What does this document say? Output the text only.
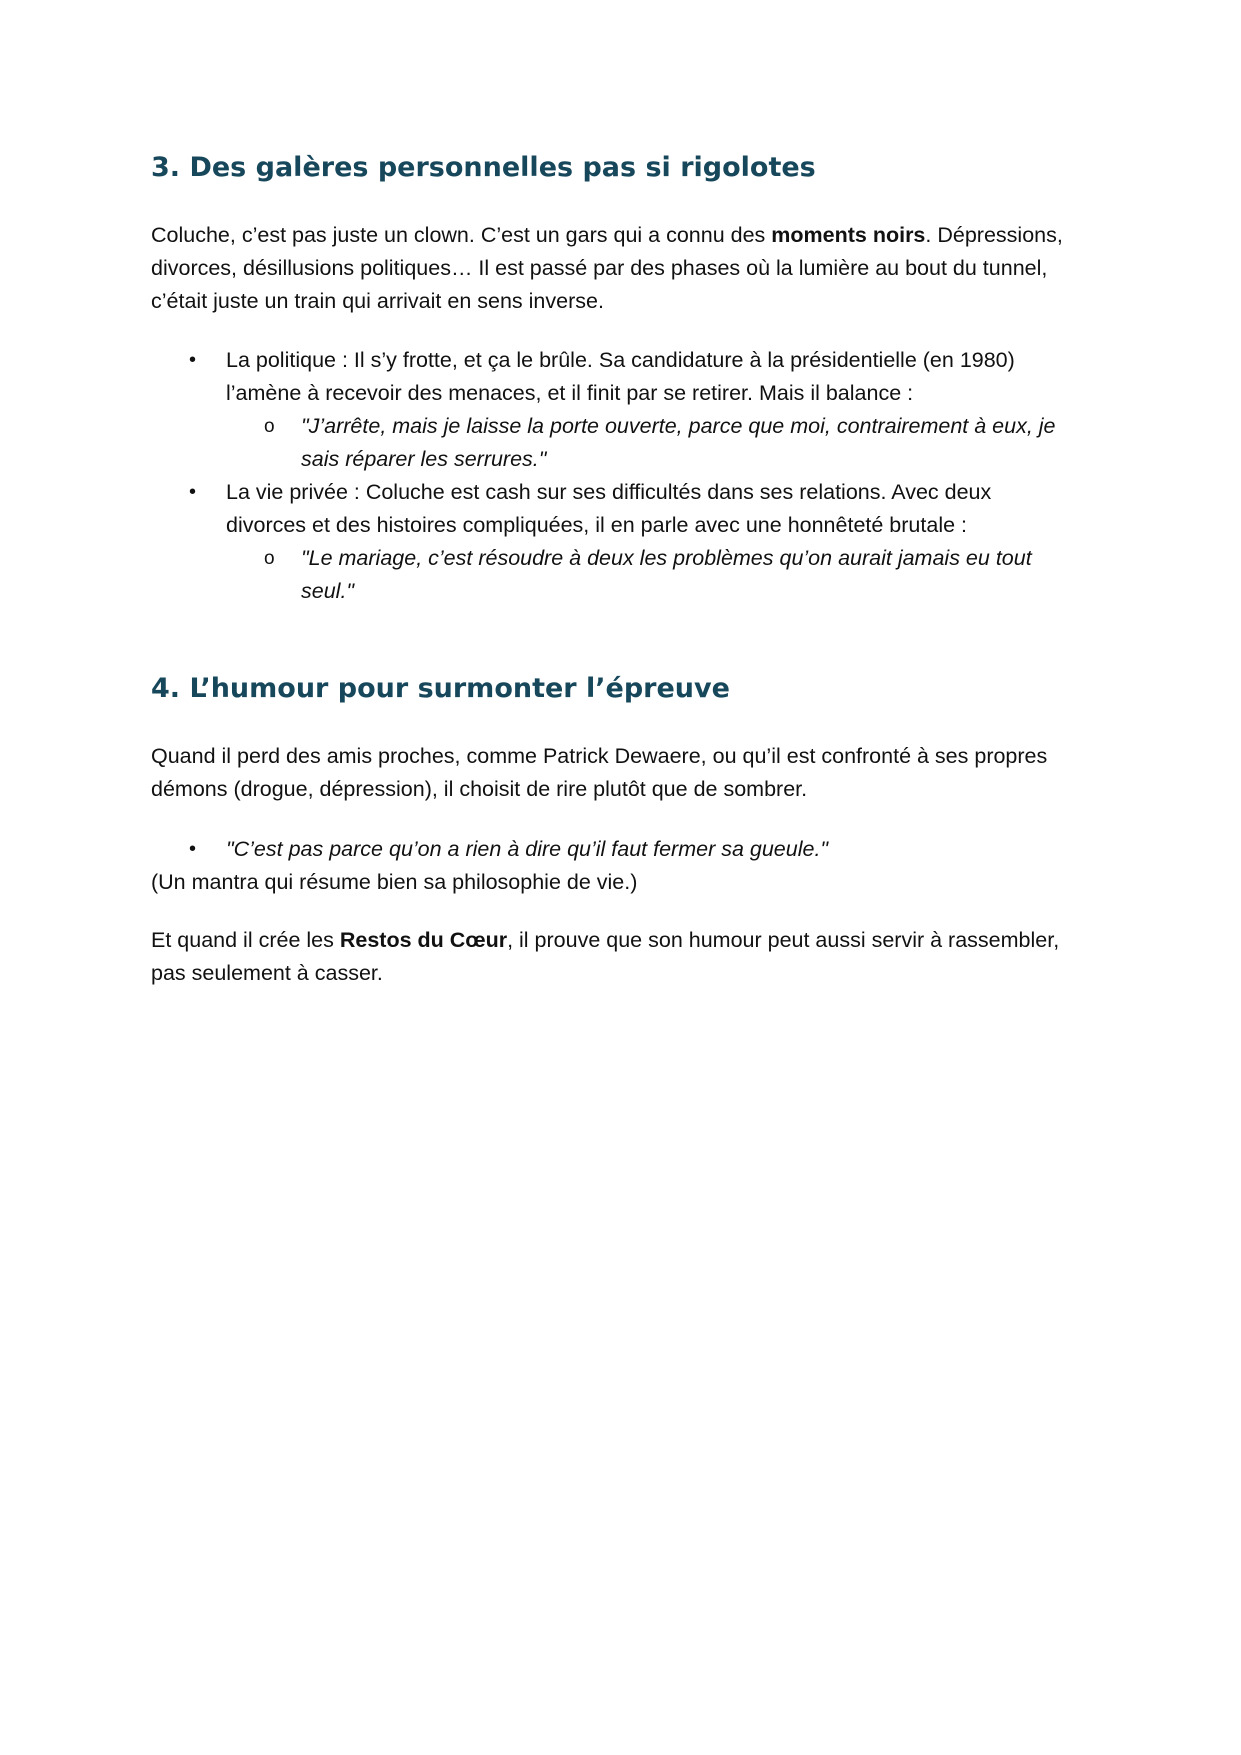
3. Des galères personnelles pas si rigolotes
Coluche, c’est pas juste un clown. C’est un gars qui a connu des moments noirs. Dépressions,
divorces, désillusions politiques… Il est passé par des phases où la lumière au bout du tunnel,
c’était juste un train qui arrivait en sens inverse.
• La politique : Il s’y frotte, et ça le brûle. Sa candidature à la présidentielle (en 1980)
l’amène à recevoir des menaces, et il finit par se retirer. Mais il balance :
o "J’arrête, mais je laisse la porte ouverte, parce que moi, contrairement à eux, je
sais réparer les serrures."
• La vie privée : Coluche est cash sur ses difficultés dans ses relations. Avec deux
divorces et des histoires compliquées, il en parle avec une honnêteté brutale :
o "Le mariage, c’est résoudre à deux les problèmes qu’on aurait jamais eu tout
seul."
4. L’humour pour surmonter l’épreuve
Quand il perd des amis proches, comme Patrick Dewaere, ou qu’il est confronté à ses propres
démons (drogue, dépression), il choisit de rire plutôt que de sombrer.
• "C’est pas parce qu’on a rien à dire qu’il faut fermer sa gueule."
(Un mantra qui résume bien sa philosophie de vie.)
Et quand il crée les Restos du Cœur, il prouve que son humour peut aussi servir à rassembler,
pas seulement à casser.
